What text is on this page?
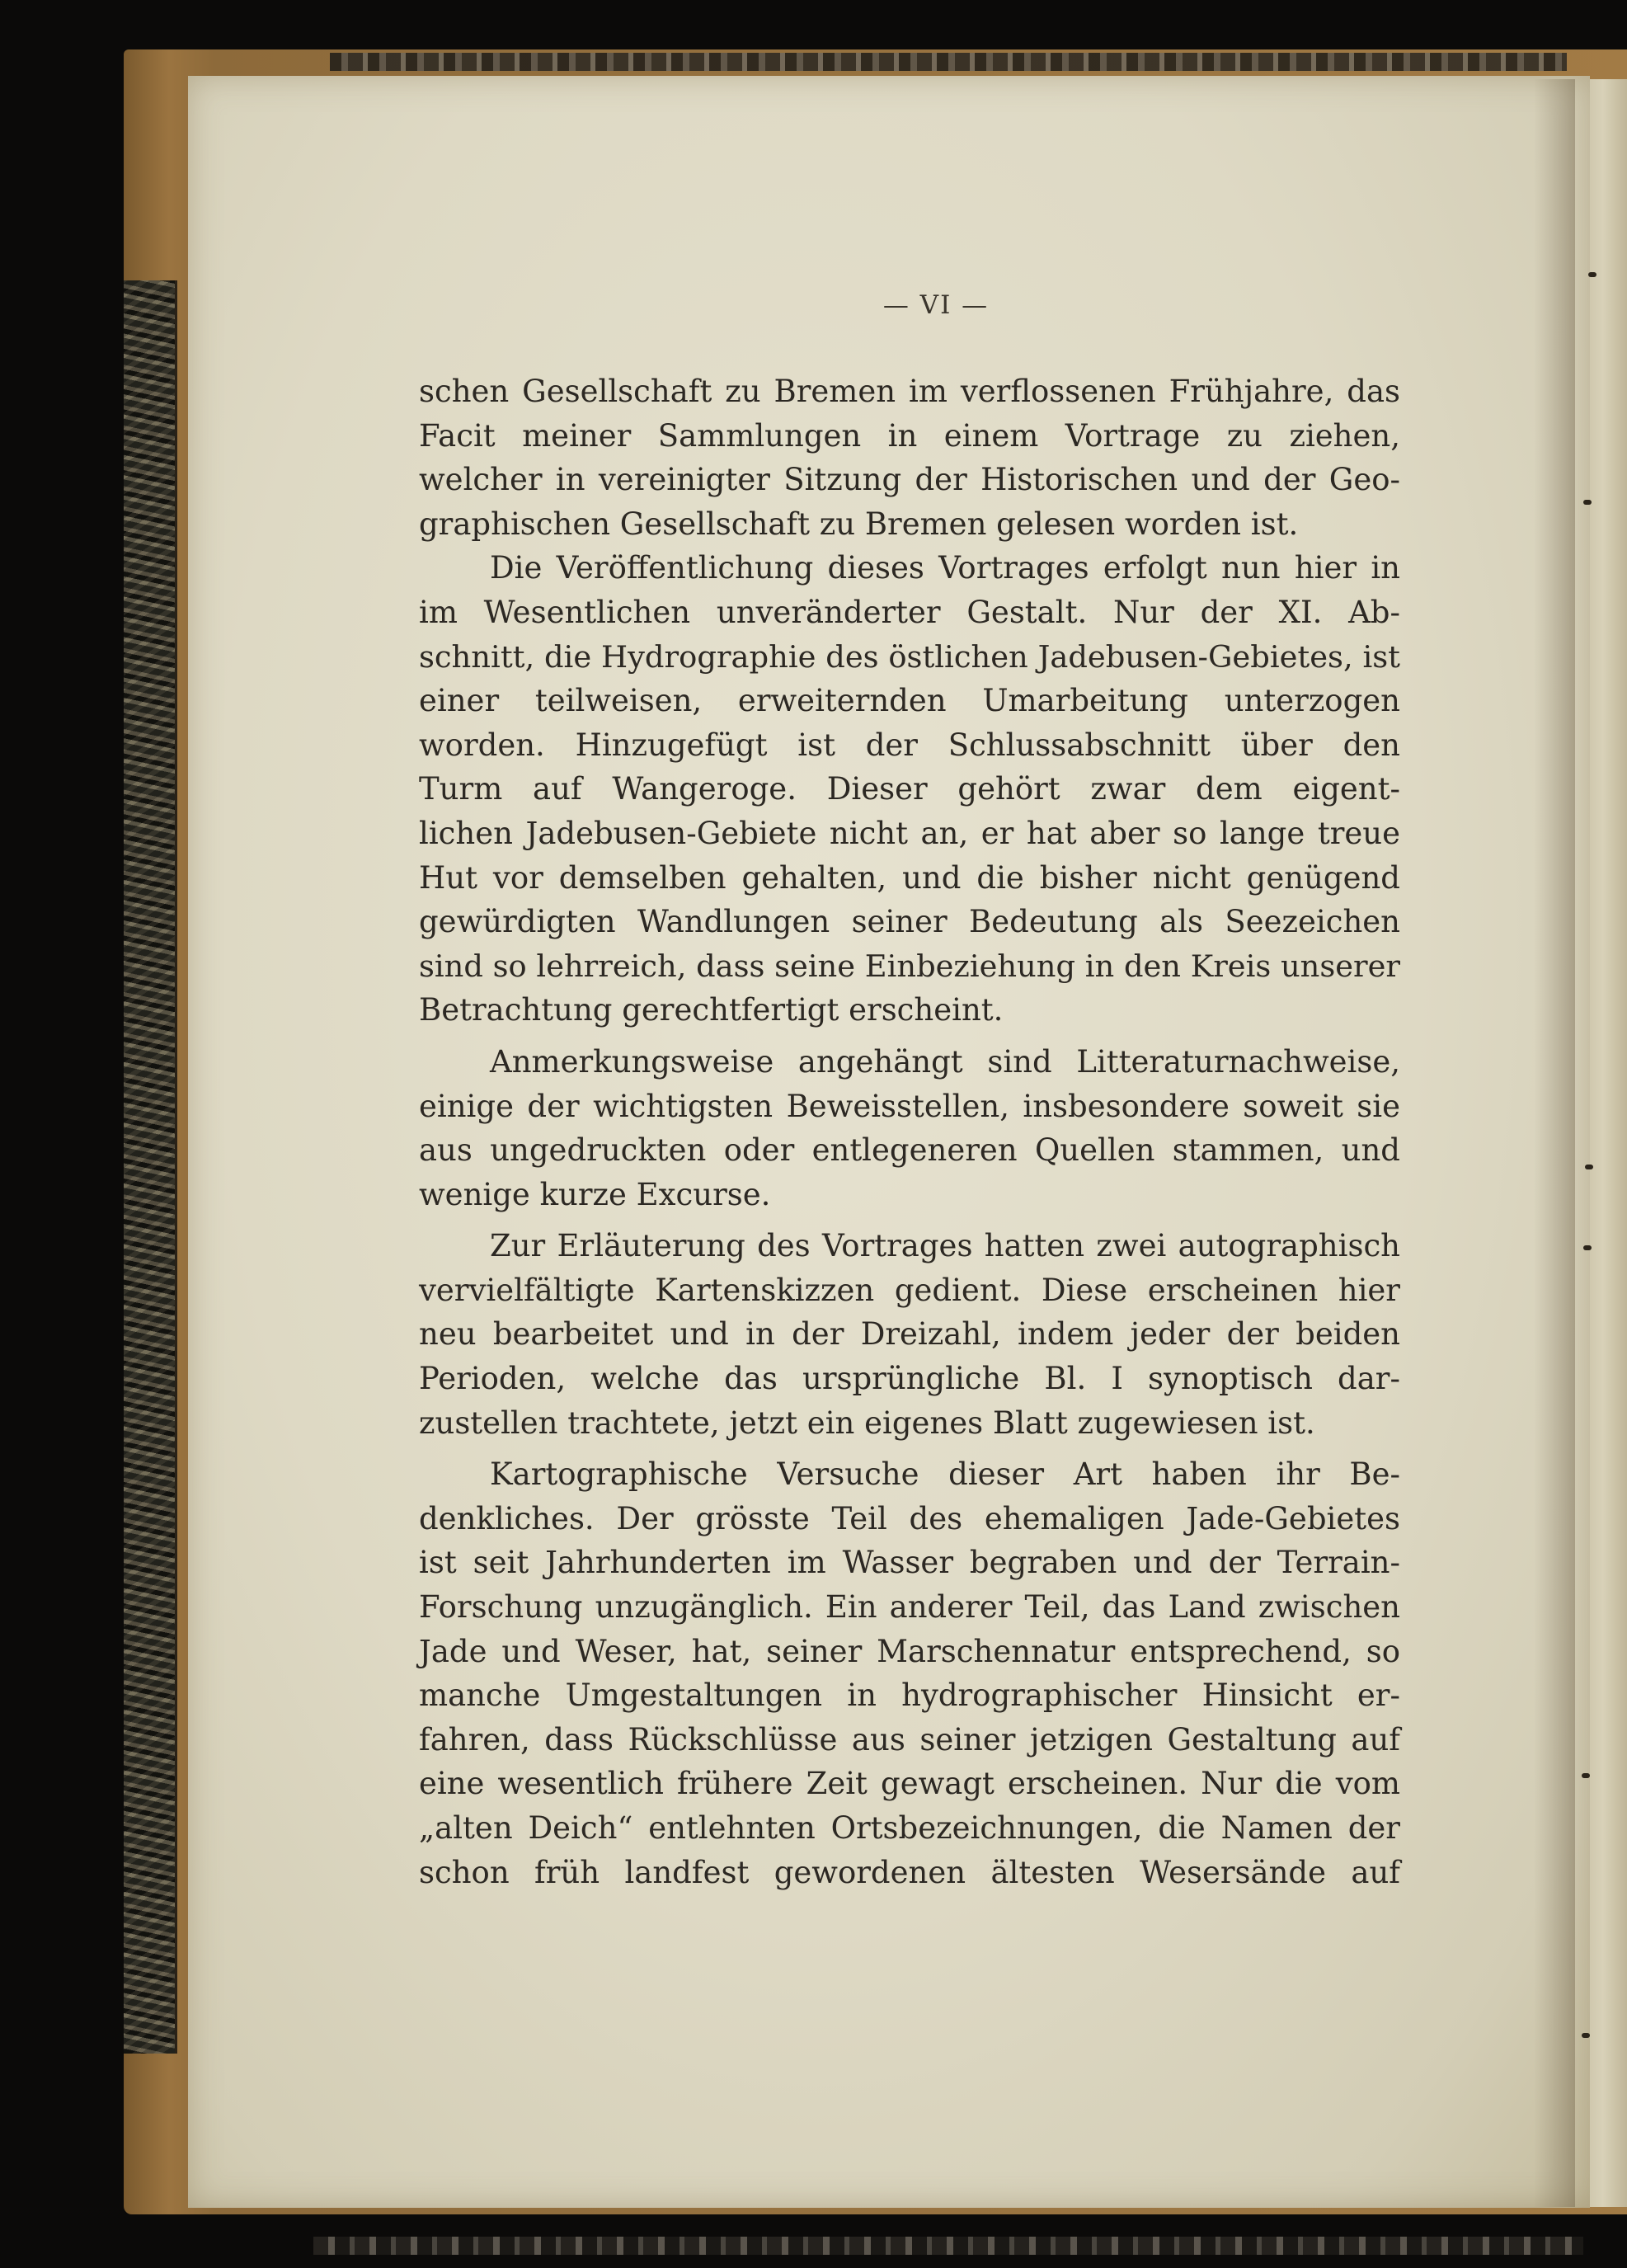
— VI —
schen Gesellschaft zu Bremen im verflossenen Frühjahre, das
Facit meiner Sammlungen in einem Vortrage zu ziehen,
welcher in vereinigter Sitzung der Historischen und der Geo-
graphischen Gesellschaft zu Bremen gelesen worden ist.
Die Veröffentlichung dieses Vortrages erfolgt nun hier in
im Wesentlichen unveränderter Gestalt. Nur der XI. Ab-
schnitt, die Hydrographie des östlichen Jadebusen-Gebietes, ist
einer teilweisen, erweiternden Umarbeitung unterzogen
worden. Hinzugefügt ist der Schlussabschnitt über den
Turm auf Wangeroge. Dieser gehört zwar dem eigent-
lichen Jadebusen-Gebiete nicht an, er hat aber so lange treue
Hut vor demselben gehalten, und die bisher nicht genügend
gewürdigten Wandlungen seiner Bedeutung als Seezeichen
sind so lehrreich, dass seine Einbeziehung in den Kreis unserer
Betrachtung gerechtfertigt erscheint.
Anmerkungsweise angehängt sind Litteraturnachweise,
einige der wichtigsten Beweisstellen, insbesondere soweit sie
aus ungedruckten oder entlegeneren Quellen stammen, und
wenige kurze Excurse.
Zur Erläuterung des Vortrages hatten zwei autographisch
vervielfältigte Kartenskizzen gedient. Diese erscheinen hier
neu bearbeitet und in der Dreizahl, indem jeder der beiden
Perioden, welche das ursprüngliche Bl. I synoptisch dar-
zustellen trachtete, jetzt ein eigenes Blatt zugewiesen ist.
Kartographische Versuche dieser Art haben ihr Be-
denkliches. Der grösste Teil des ehemaligen Jade-Gebietes
ist seit Jahrhunderten im Wasser begraben und der Terrain-
Forschung unzugänglich. Ein anderer Teil, das Land zwischen
Jade und Weser, hat, seiner Marschennatur entsprechend, so
manche Umgestaltungen in hydrographischer Hinsicht er-
fahren, dass Rückschlüsse aus seiner jetzigen Gestaltung auf
eine wesentlich frühere Zeit gewagt erscheinen. Nur die vom
„alten Deich“ entlehnten Ortsbezeichnungen, die Namen der
schon früh landfest gewordenen ältesten Wesersände auf
